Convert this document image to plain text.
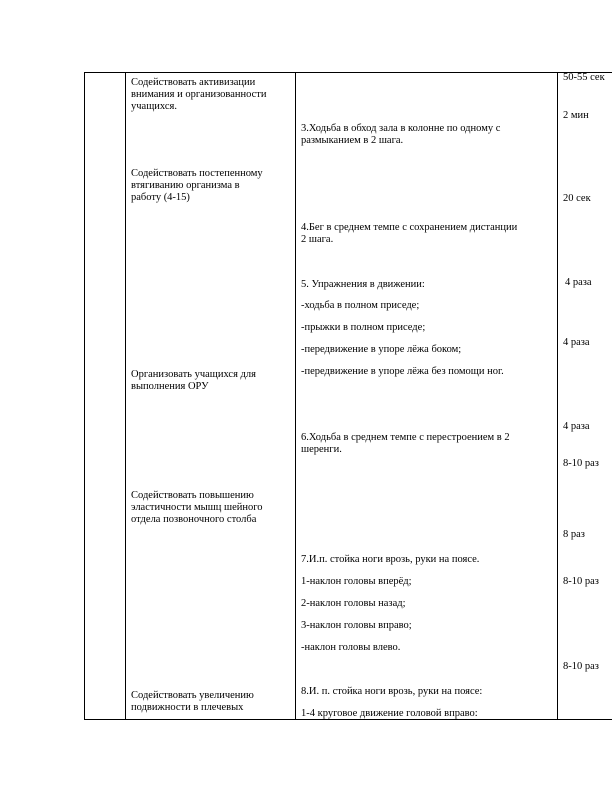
Содействовать активизации
внимания и организованности
учащихся.
Содействовать постепенному
втягиванию организма в
работу (4-15)
Организовать учащихся для
выполнения ОРУ
Содействовать повышению
эластичности мышц шейного
отдела позвоночного столба
Содействовать увеличению
подвижности в плечевых
3.Ходьба в обход зала в колонне по одному с
размыканием в 2 шага.
4.Бег в среднем темпе с сохранением дистанции
2 шага.
5. Упражнения в движении:
-ходьба в полном приседе;
-прыжки в полном приседе;
-передвижение в упоре лёжа боком;
-передвижение в упоре лёжа без помощи ног.
6.Ходьба в среднем темпе с перестроением в 2
шеренги.
7.И.п. стойка ноги врозь, руки на поясе.
1-наклон головы вперёд;
2-наклон головы назад;
3-наклон головы вправо;
-наклон головы влево.
8.И. п. стойка ноги врозь, руки на поясе:
1-4 круговое движение головой вправо:
50-55 сек
2 мин
20 сек
4 раза
4 раза
4 раза
8-10 раз
8 раз
8-10 раз
8-10 раз
